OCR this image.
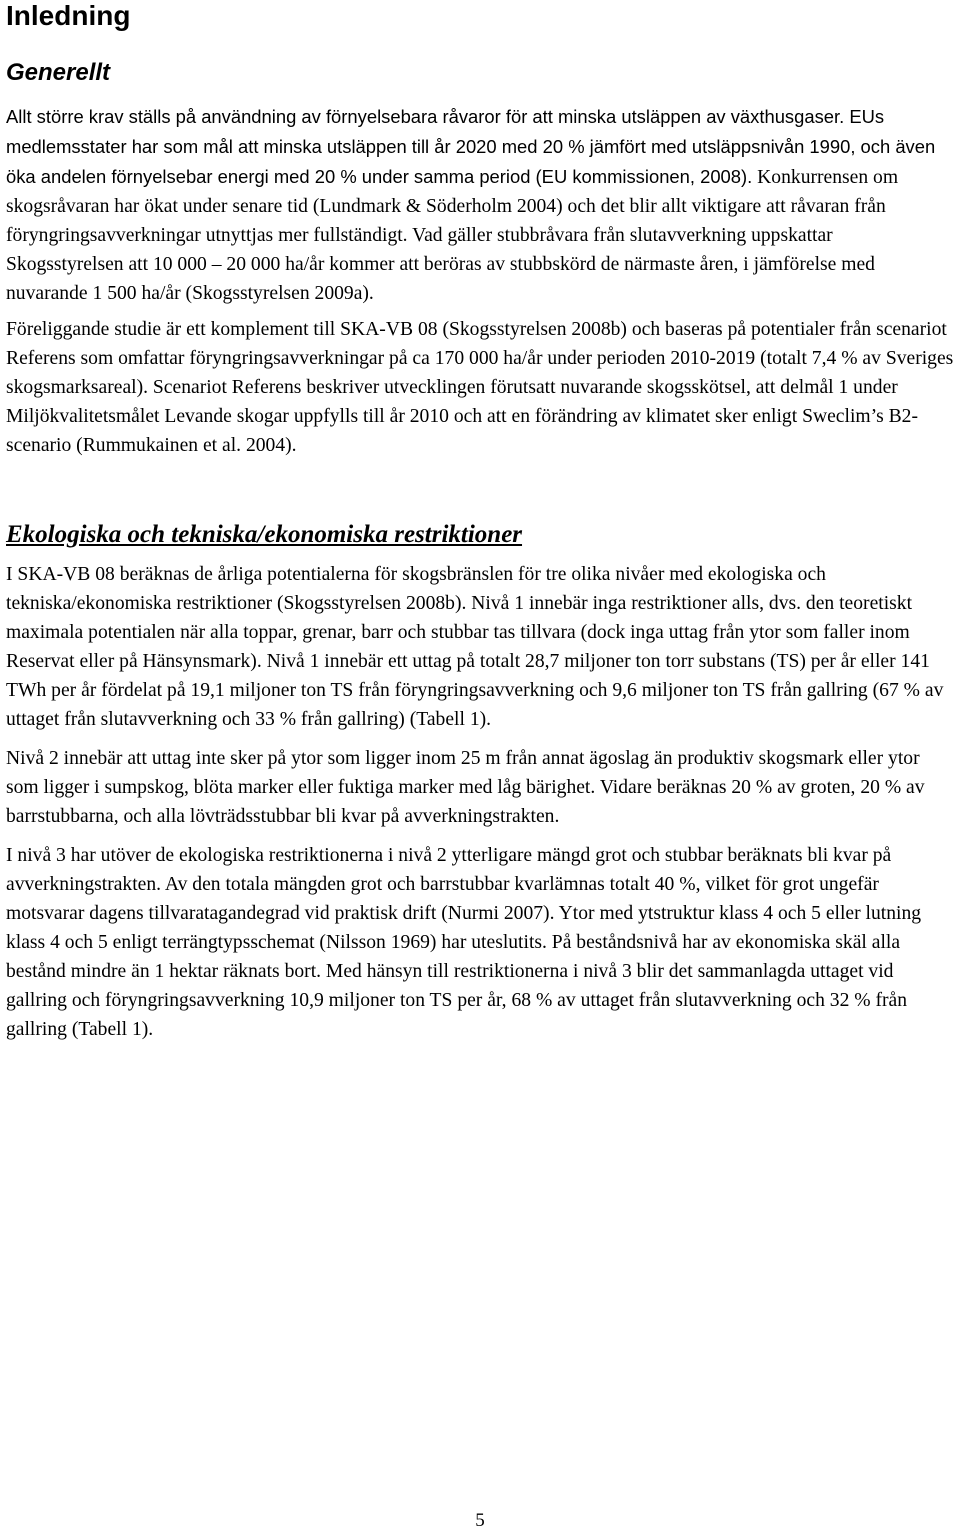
Inledning
Generellt

Allt större krav ställs på användning av förnyelsebara råvaror för att minska utsläppen av växthusgaser. EUs medlemsstater har som mål att minska utsläppen till år 2020 med 20 % jämfört med utsläppsnivån 1990, och även öka andelen förnyelsebar energi med 20 % under samma period (EU kommissionen, 2008). Konkurrensen om skogsråvaran har ökat under senare tid (Lundmark & Söderholm 2004) och det blir allt viktigare att råvaran från föryngringsavverkningar utnyttjas mer fullständigt. Vad gäller stubbråvara från slutavverkning uppskattar Skogsstyrelsen att 10 000 – 20 000 ha/år kommer att beröras av stubbskörd de närmaste åren, i jämförelse med nuvarande 1 500 ha/år (Skogsstyrelsen 2009a).

Föreliggande studie är ett komplement till SKA-VB 08 (Skogsstyrelsen 2008b) och baseras på potentialer från scenariot Referens som omfattar föryngringsavverkningar på ca 170 000 ha/år under perioden 2010-2019 (totalt 7,4 % av Sveriges skogsmarksareal). Scenariot Referens beskriver utvecklingen förutsatt nuvarande skogsskötsel, att delmål 1 under Miljökvalitetsmålet Levande skogar uppfylls till år 2010 och att en förändring av klimatet sker enligt Sweclim’s B2-scenario (Rummukainen et al. 2004).

Ekologiska och tekniska/ekonomiska restriktioner

I SKA-VB 08 beräknas de årliga potentialerna för skogsbränslen för tre olika nivåer med ekologiska och tekniska/ekonomiska restriktioner (Skogsstyrelsen 2008b). Nivå 1 innebär inga restriktioner alls, dvs. den teoretiskt maximala potentialen när alla toppar, grenar, barr och stubbar tas tillvara (dock inga uttag från ytor som faller inom Reservat eller på Hänsynsmark). Nivå 1 innebär ett uttag på totalt 28,7 miljoner ton torr substans (TS) per år eller 141 TWh per år fördelat på 19,1 miljoner ton TS från föryngringsavverkning och 9,6 miljoner ton TS från gallring (67 % av uttaget från slutavverkning och 33 % från gallring) (Tabell 1).

Nivå 2 innebär att uttag inte sker på ytor som ligger inom 25 m från annat ägoslag än produktiv skogsmark eller ytor som ligger i sumpskog, blöta marker eller fuktiga marker med låg bärighet. Vidare beräknas 20 % av groten, 20 % av barrstubbarna, och alla lövträdsstubbar bli kvar på avverkningstrakten.

I nivå 3 har utöver de ekologiska restriktionerna i nivå 2 ytterligare mängd grot och stubbar beräknats bli kvar på avverkningstrakten. Av den totala mängden grot och barrstubbar kvarlämnas totalt 40 %, vilket för grot ungefär motsvarar dagens tillvaratagandegrad vid praktisk drift (Nurmi 2007). Ytor med ytstruktur klass 4 och 5 eller lutning klass 4 och 5 enligt terrängtypsschemat (Nilsson 1969) har uteslutits. På beståndsnivå har av ekonomiska skäl alla bestånd mindre än 1 hektar räknats bort. Med hänsyn till restriktionerna i nivå 3 blir det sammanlagda uttaget vid gallring och föryngringsavverkning 10,9 miljoner ton TS per år, 68 % av uttaget från slutavverkning och 32 % från gallring (Tabell 1).

5
